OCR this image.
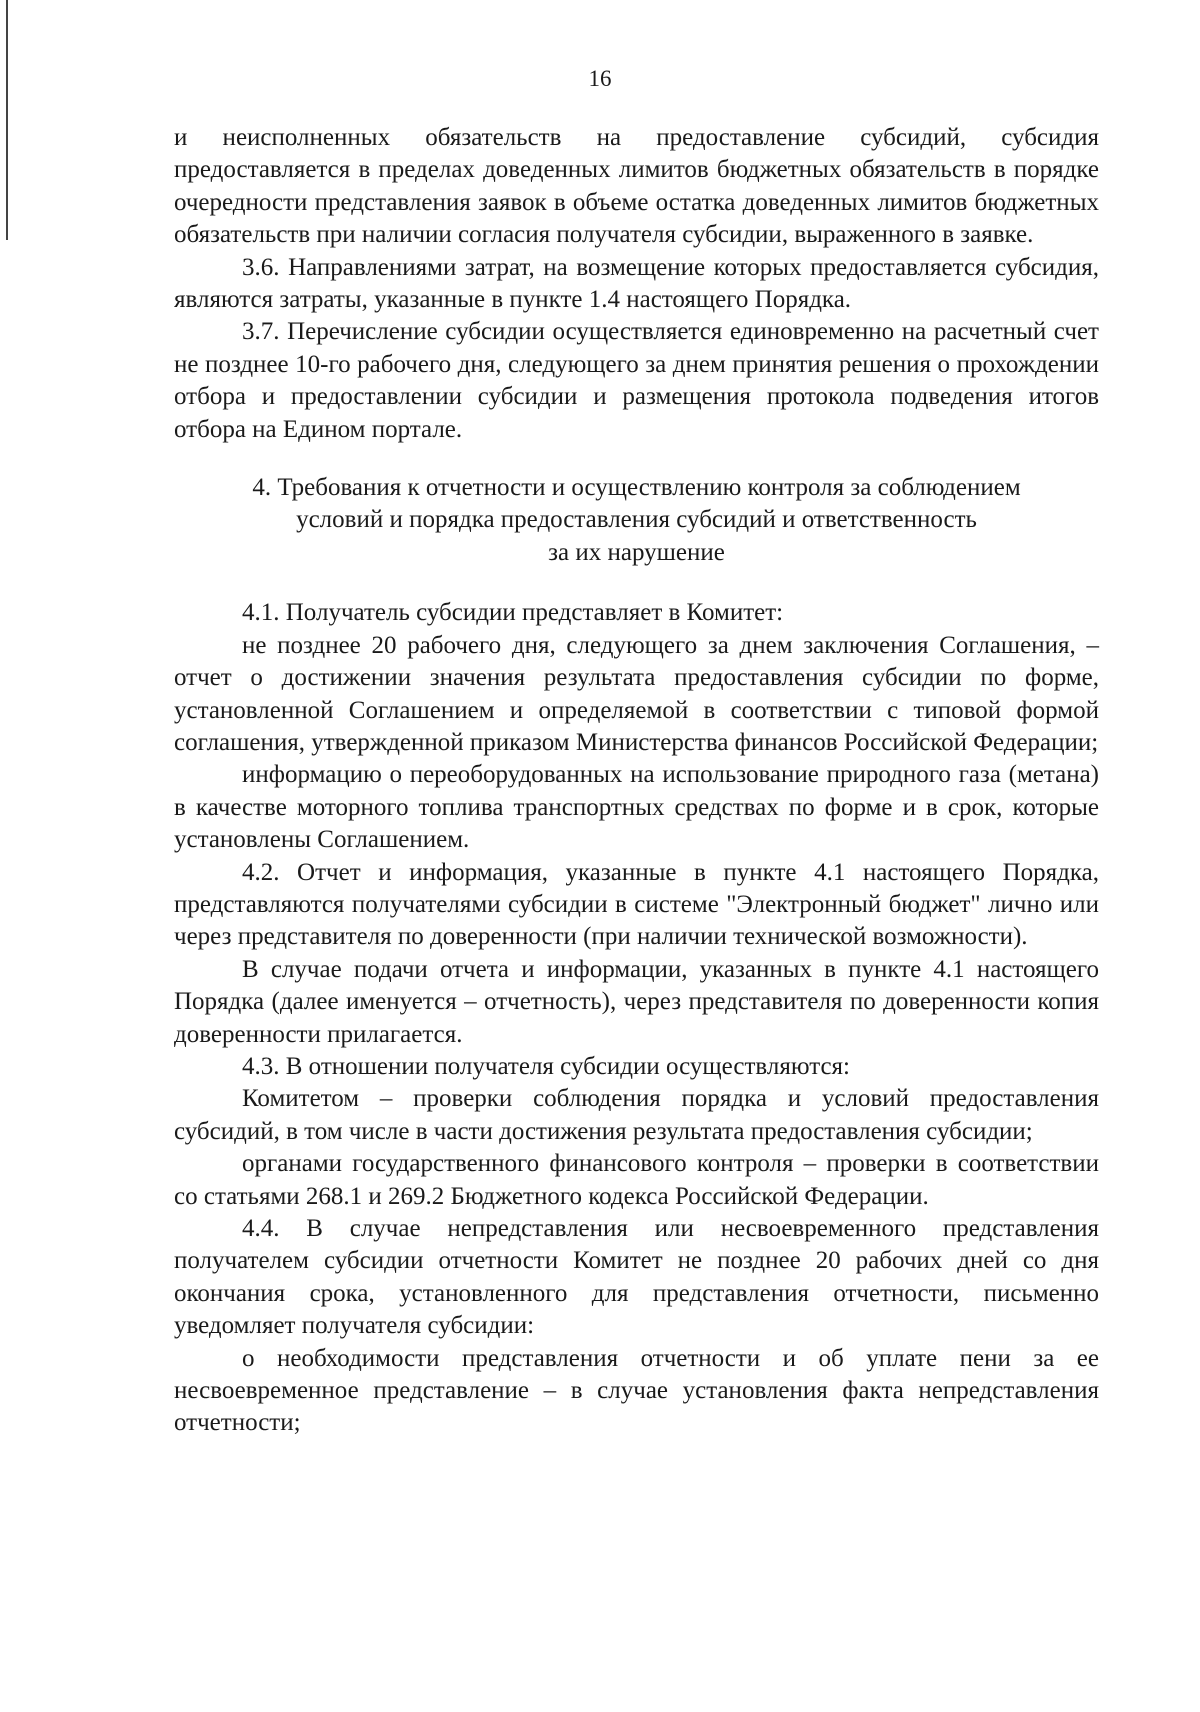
16

и неисполненных обязательств на предоставление субсидий, субсидия предоставляется в пределах доведенных лимитов бюджетных обязательств в порядке очередности представления заявок в объеме остатка доведенных лимитов бюджетных обязательств при наличии согласия получателя субсидии, выраженного в заявке.

3.6. Направлениями затрат, на возмещение которых предоставляется субсидия, являются затраты, указанные в пункте 1.4 настоящего Порядка.

3.7. Перечисление субсидии осуществляется единовременно на расчетный счет не позднее 10-го рабочего дня, следующего за днем принятия решения о прохождении отбора и предоставлении субсидии и размещения протокола подведения итогов отбора на Едином портале.

4. Требования к отчетности и осуществлению контроля за соблюдением
условий и порядка предоставления субсидий и ответственность
за их нарушение

4.1. Получатель субсидии представляет в Комитет:

не позднее 20 рабочего дня, следующего за днем заключения Соглашения, – отчет о достижении значения результата предоставления субсидии по форме, установленной Соглашением и определяемой в соответствии с типовой формой соглашения, утвержденной приказом Министерства финансов Российской Федерации;

информацию о переоборудованных на использование природного газа (метана) в качестве моторного топлива транспортных средствах по форме и в срок, которые установлены Соглашением.

4.2. Отчет и информация, указанные в пункте 4.1 настоящего Порядка, представляются получателями субсидии в системе "Электронный бюджет" лично или через представителя по доверенности (при наличии технической возможности).

В случае подачи отчета и информации, указанных в пункте 4.1 настоящего Порядка (далее именуется – отчетность), через представителя по доверенности копия доверенности прилагается.

4.3. В отношении получателя субсидии осуществляются:

Комитетом – проверки соблюдения порядка и условий предоставления субсидий, в том числе в части достижения результата предоставления субсидии;

органами государственного финансового контроля – проверки в соответствии со статьями 268.1 и 269.2 Бюджетного кодекса Российской Федерации.

4.4. В случае непредставления или несвоевременного представления получателем субсидии отчетности Комитет не позднее 20 рабочих дней со дня окончания срока, установленного для представления отчетности, письменно уведомляет получателя субсидии:

о необходимости представления отчетности и об уплате пени за ее несвоевременное представление – в случае установления факта непредставления отчетности;
